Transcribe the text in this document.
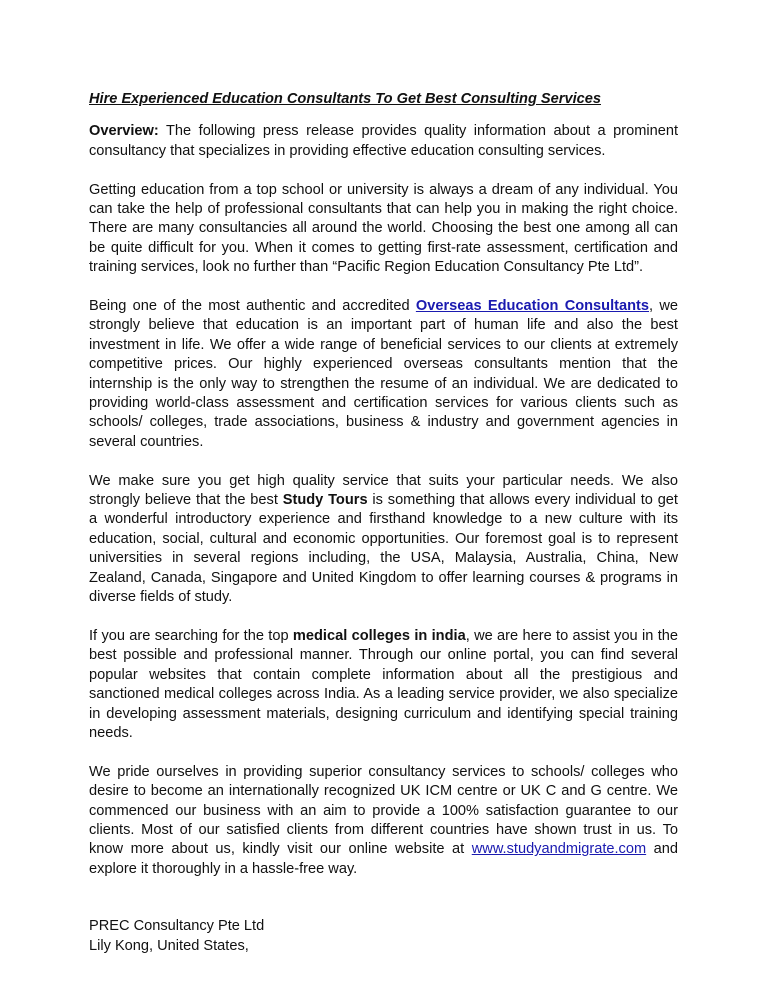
Hire Experienced Education Consultants To Get Best Consulting Services

Overview: The following press release provides quality information about a prominent consultancy that specializes in providing effective education consulting services.

Getting education from a top school or university is always a dream of any individual. You can take the help of professional consultants that can help you in making the right choice. There are many consultancies all around the world. Choosing the best one among all can be quite difficult for you. When it comes to getting first-rate assessment, certification and training services, look no further than “Pacific Region Education Consultancy Pte Ltd”.

Being one of the most authentic and accredited Overseas Education Consultants, we strongly believe that education is an important part of human life and also the best investment in life. We offer a wide range of beneficial services to our clients at extremely competitive prices. Our highly experienced overseas consultants mention that the internship is the only way to strengthen the resume of an individual. We are dedicated to providing world-class assessment and certification services for various clients such as schools/ colleges, trade associations, business & industry and government agencies in several countries.

We make sure you get high quality service that suits your particular needs. We also strongly believe that the best Study Tours is something that allows every individual to get a wonderful introductory experience and firsthand knowledge to a new culture with its education, social, cultural and economic opportunities. Our foremost goal is to represent universities in several regions including, the USA, Malaysia, Australia, China, New Zealand, Canada, Singapore and United Kingdom to offer learning courses & programs in diverse fields of study.

If you are searching for the top medical colleges in india, we are here to assist you in the best possible and professional manner. Through our online portal, you can find several popular websites that contain complete information about all the prestigious and sanctioned medical colleges across India. As a leading service provider, we also specialize in developing assessment materials, designing curriculum and identifying special training needs.

We pride ourselves in providing superior consultancy services to schools/ colleges who desire to become an internationally recognized UK ICM centre or UK C and G centre. We commenced our business with an aim to provide a 100% satisfaction guarantee to our clients. Most of our satisfied clients from different countries have shown trust in us. To know more about us, kindly visit our online website at www.studyandmigrate.com and explore it thoroughly in a hassle-free way.

PREC Consultancy Pte Ltd
Lily Kong, United States,
